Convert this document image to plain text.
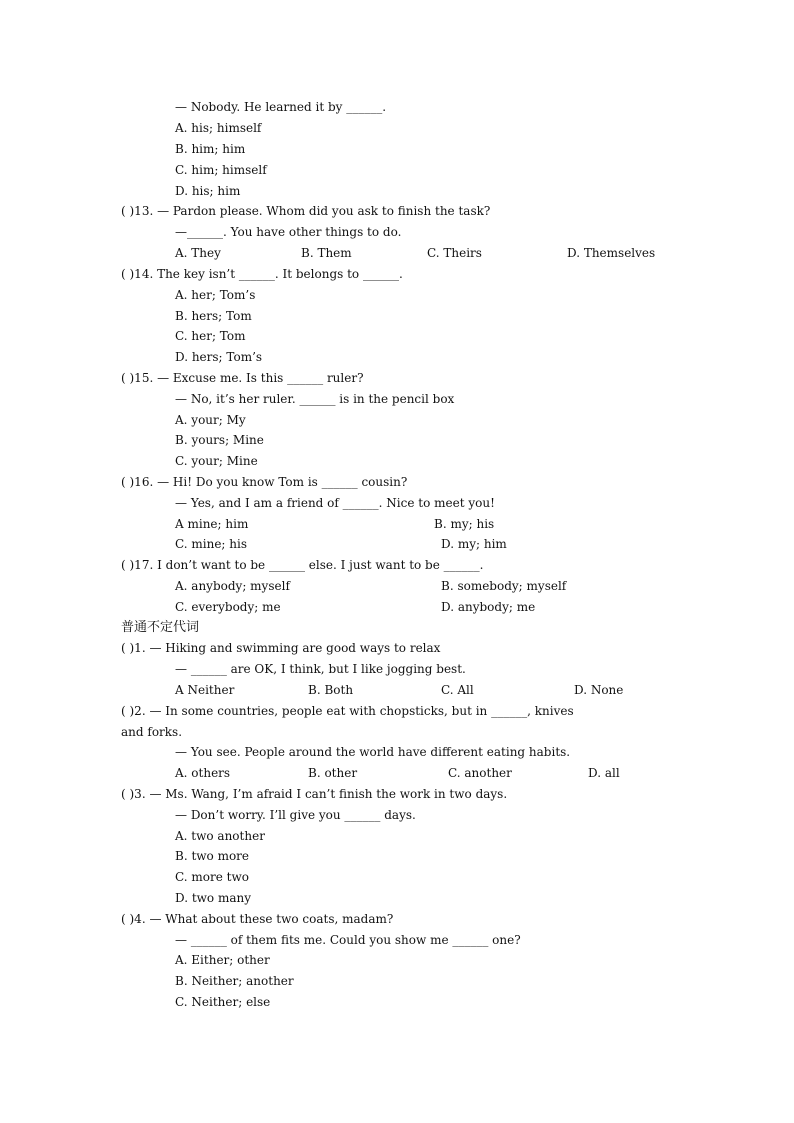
— Nobody. He learned it by ______.
A. his; himself
B. him; him
C. him; himself
D. his; him
( )13. — Pardon please. Whom did you ask to finish the task?
—______. You have other things to do.
A. They	B. Them	C. Theirs	D. Themselves
( )14. The key isn’t ______. It belongs to ______.
A. her; Tom’s
B. hers; Tom
C. her; Tom
D. hers; Tom’s
( )15. — Excuse me. Is this ______ ruler?
— No, it’s her ruler. ______ is in the pencil box
A. your; My
B. yours; Mine
C. your; Mine
( )16. — Hi! Do you know Tom is ______ cousin?
— Yes, and I am a friend of ______. Nice to meet you!
A mine; him	B. my; his
C. mine; his	D. my; him
( )17. I don’t want to be ______ else. I just want to be ______.
A. anybody; myself	B. somebody; myself
C. everybody; me	D. anybody; me
普通不定代词
( )1. — Hiking and swimming are good ways to relax
— ______ are OK, I think, but I like jogging best.
A Neither	B. Both	C. All	D. None
( )2. — In some countries, people eat with chopsticks, but in ______, knives
and forks.
— You see. People around the world have different eating habits.
A. others	B. other	C. another	D. all
( )3. — Ms. Wang, I’m afraid I can’t finish the work in two days.
— Don’t worry. I’ll give you ______ days.
A. two another
B. two more
C. more two
D. two many
( )4. — What about these two coats, madam?
— ______ of them fits me. Could you show me ______ one?
A. Either; other
B. Neither; another
C. Neither; else
